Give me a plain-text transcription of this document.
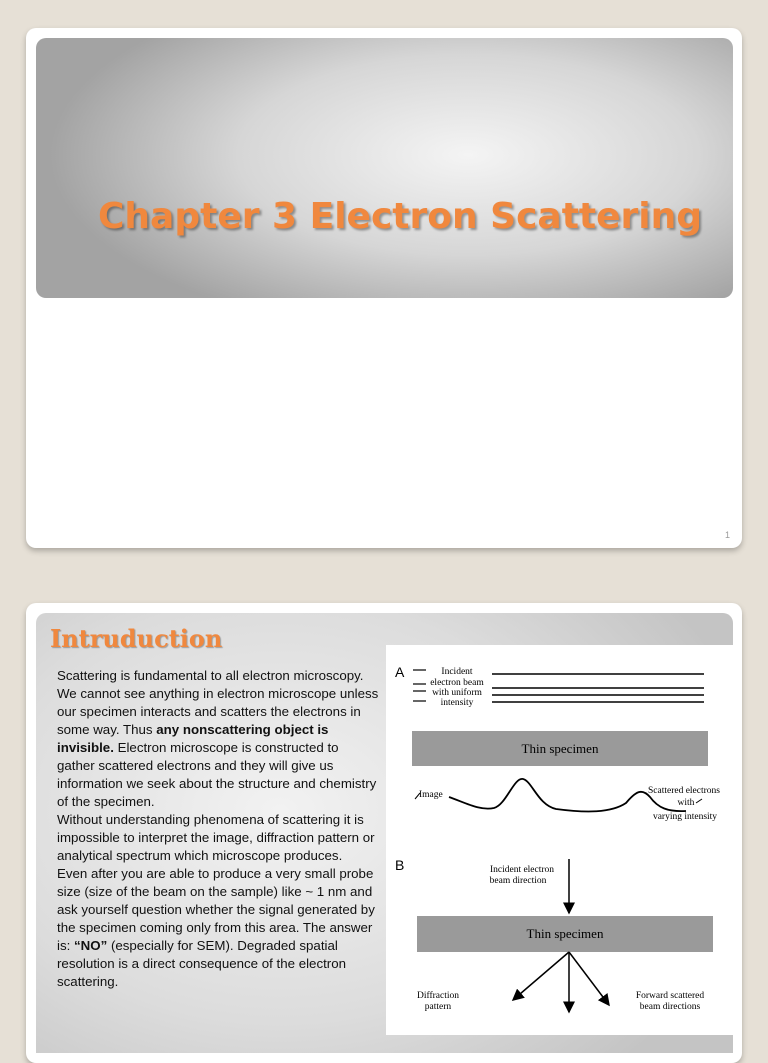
Chapter 3 Electron Scattering
1
Intruduction

Scattering is fundamental to all electron microscopy. We cannot see anything in electron microscope unless our specimen interacts and scatters the electrons in some way. Thus any nonscattering object is invisible. Electron microscope is constructed to gather scattered electrons and they will give us information we seek about the structure and chemistry of the specimen.

Without understanding phenomena of scattering it is impossible to interpret the image, diffraction pattern or analytical spectrum which microscope produces.

Even after you are able to produce a very small probe size (size of the beam on the sample) like ~ 1 nm and ask yourself question whether the signal generated by the specimen coming only from this area. The answer is: “NO” (especially for SEM). Degraded spatial resolution is a direct consequence of the electron scattering.

A	Incident
electron beam
with uniform
intensity
Thin specimen
Image	Scattered electrons
with
varying intensity
B	Incident electron
beam direction
Thin specimen
Diffraction
pattern
Forward scattered
beam directions
